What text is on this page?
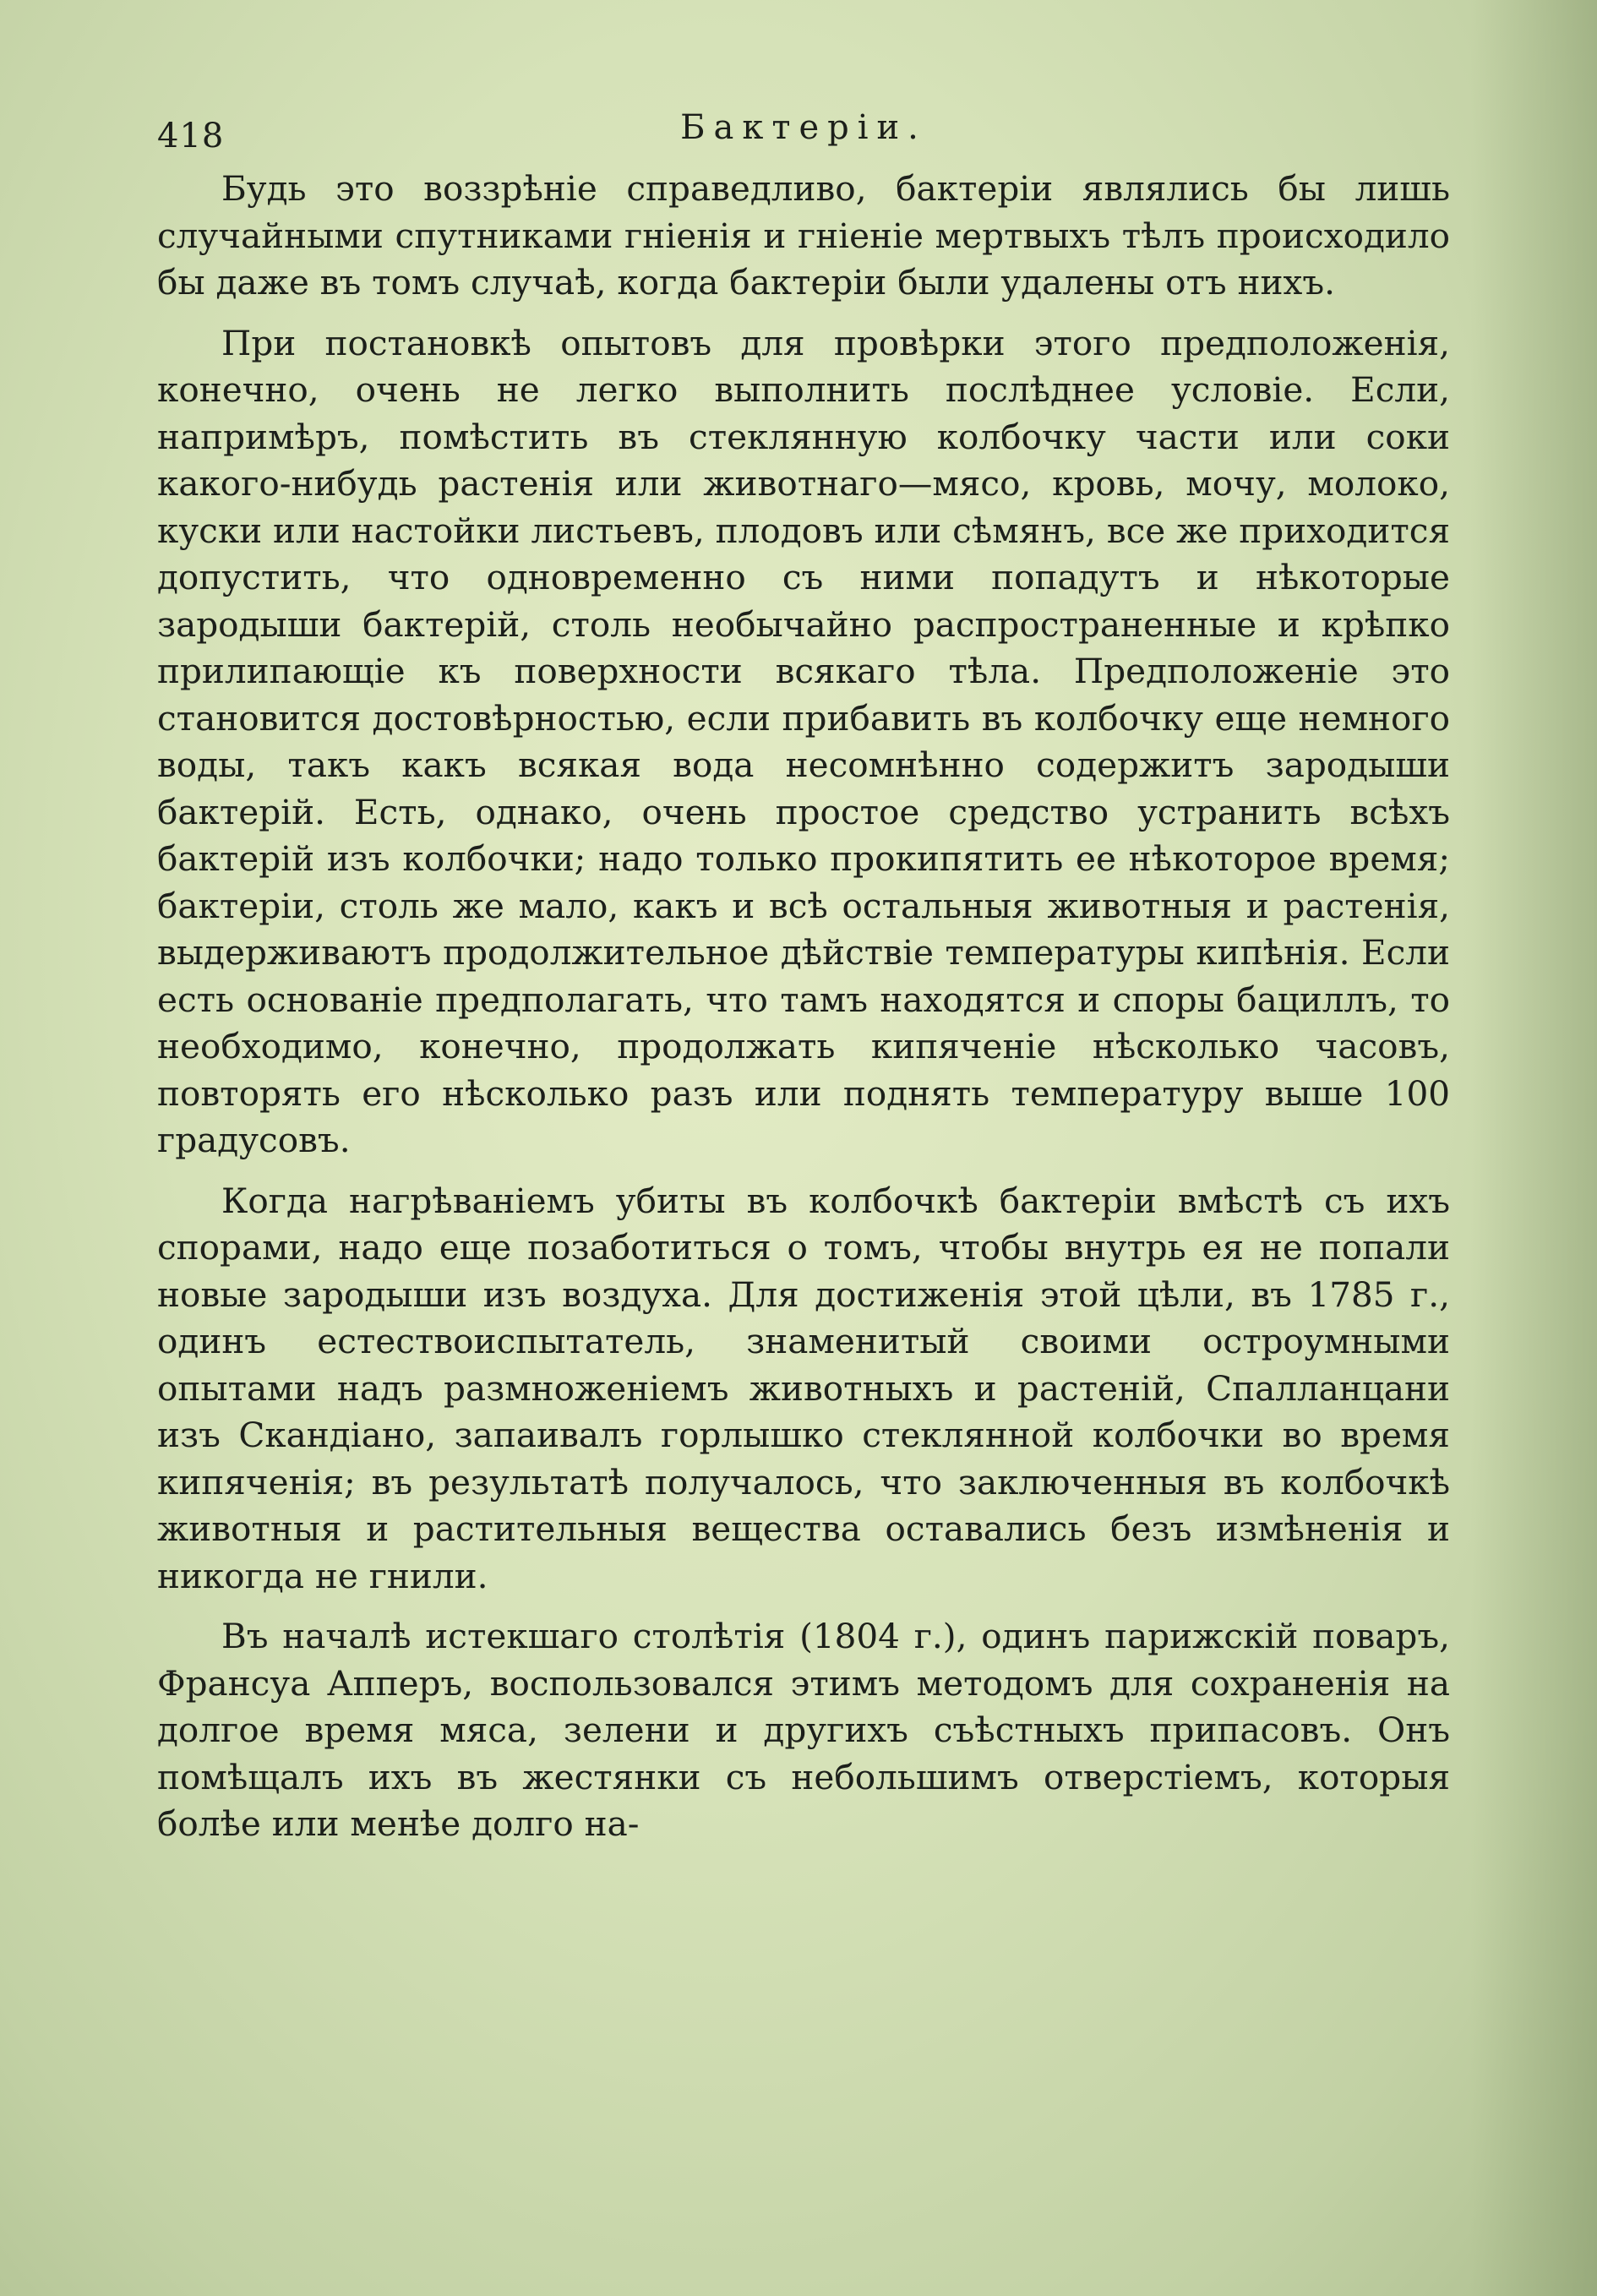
418	Бактеріи.

Будь это воззрѣніе справедливо, бактеріи являлись бы лишь случайными спутниками гніенія и гніеніе мертвыхъ тѣлъ происходило бы даже въ томъ случаѣ, когда бактеріи были удалены отъ нихъ.

При постановкѣ опытовъ для провѣрки этого предположенія, конечно, очень не легко выполнить послѣднее условіе. Если, напримѣръ, помѣстить въ стеклянную колбочку части или соки какого-нибудь растенія или животнаго—мясо, кровь, мочу, молоко, куски или настойки листьевъ, плодовъ или сѣмянъ, все же приходится допустить, что одновременно съ ними попадутъ и нѣкоторые зародыши бактерій, столь необычайно распространенные и крѣпко прилипающіе къ поверхности всякаго тѣла. Предположеніе это становится достовѣрностью, если прибавить въ колбочку еще немного воды, такъ какъ всякая вода несомнѣнно содержитъ зародыши бактерій. Есть, однако, очень простое средство устранить всѣхъ бактерій изъ колбочки; надо только прокипятить ее нѣкоторое время; бактеріи, столь же мало, какъ и всѣ остальныя животныя и растенія, выдерживаютъ продолжительное дѣйствіе температуры кипѣнія. Если есть основаніе предполагать, что тамъ находятся и споры бациллъ, то необходимо, конечно, продолжать кипяченіе нѣсколько часовъ, повторять его нѣсколько разъ или поднять температуру выше 100 градусовъ.

Когда нагрѣваніемъ убиты въ колбочкѣ бактеріи вмѣстѣ съ ихъ спорами, надо еще позаботиться о томъ, чтобы внутрь ея не попали новые зародыши изъ воздуха. Для достиженія этой цѣли, въ 1785 г., одинъ естествоиспытатель, знаменитый своими остроумными опытами надъ размноженіемъ животныхъ и растеній, Спалланцани изъ Скандіано, запаивалъ горлышко стеклянной колбочки во время кипяченія; въ результатѣ получалось, что заключенныя въ колбочкѣ животныя и растительныя вещества оставались безъ измѣненія и никогда не гнили.

Въ началѣ истекшаго столѣтія (1804 г.), одинъ парижскій поваръ, Франсуа Апперъ, воспользовался этимъ методомъ для сохраненія на долгое время мяса, зелени и другихъ съѣстныхъ припасовъ. Онъ помѣщалъ ихъ въ жестянки съ небольшимъ отверстіемъ, которыя болѣе или менѣе долго на-
